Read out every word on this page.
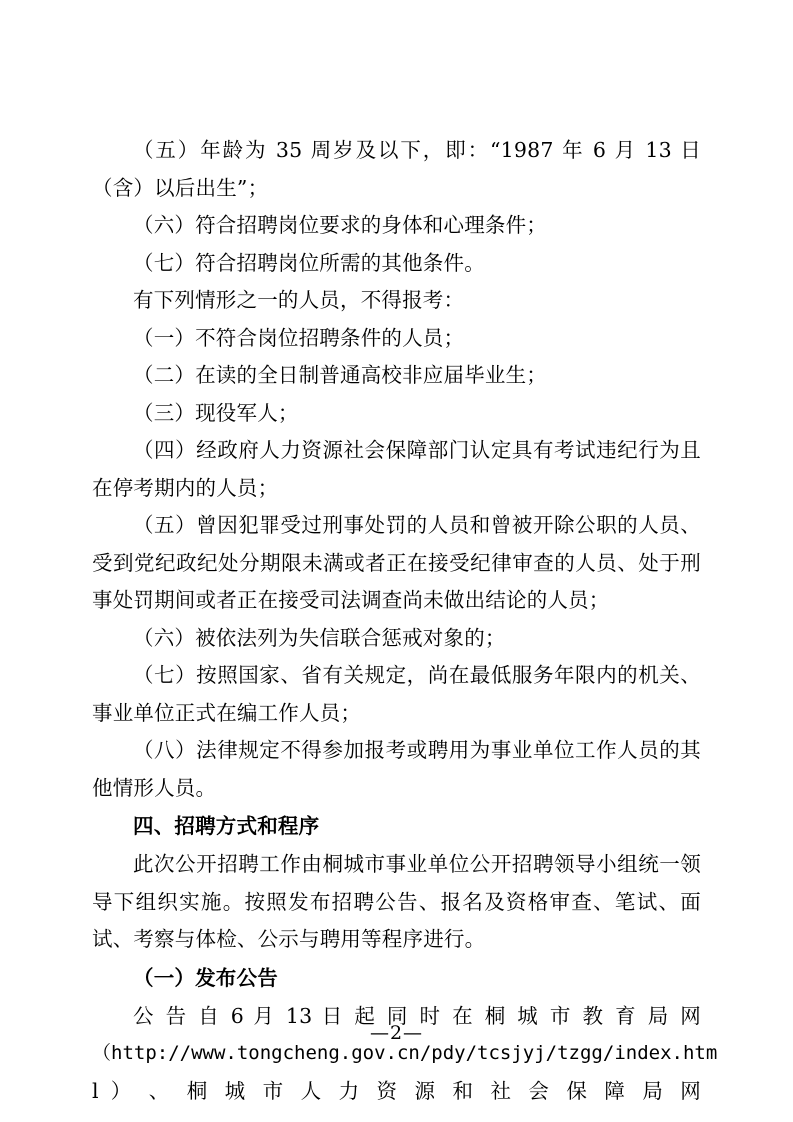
（五）年龄为 35 周岁及以下，即：“1987 年 6 月 13 日（含）以后出生”；

（六）符合招聘岗位要求的身体和心理条件；

（七）符合招聘岗位所需的其他条件。

有下列情形之一的人员，不得报考：

（一）不符合岗位招聘条件的人员；

（二）在读的全日制普通高校非应届毕业生；

（三）现役军人；

（四）经政府人力资源社会保障部门认定具有考试违纪行为且在停考期内的人员；

（五）曾因犯罪受过刑事处罚的人员和曾被开除公职的人员、受到党纪政纪处分期限未满或者正在接受纪律审查的人员、处于刑事处罚期间或者正在接受司法调查尚未做出结论的人员；

（六）被依法列为失信联合惩戒对象的；

（七）按照国家、省有关规定，尚在最低服务年限内的机关、事业单位正式在编工作人员；

（八）法律规定不得参加报考或聘用为事业单位工作人员的其他情形人员。

四、招聘方式和程序

此次公开招聘工作由桐城市事业单位公开招聘领导小组统一领导下组织实施。按照发布招聘公告、报名及资格审查、笔试、面试、考察与体检、公示与聘用等程序进行。

（一）发布公告

公 告 自 6 月 13 日 起 同 时 在 桐 城 市 教 育 局 网

（http://www.tongcheng.gov.cn/pdy/tcsjyj/tzgg/index.htm

l ） 、 桐 城 市 人 力 资 源 和 社 会 保 障 局 网

—2—
